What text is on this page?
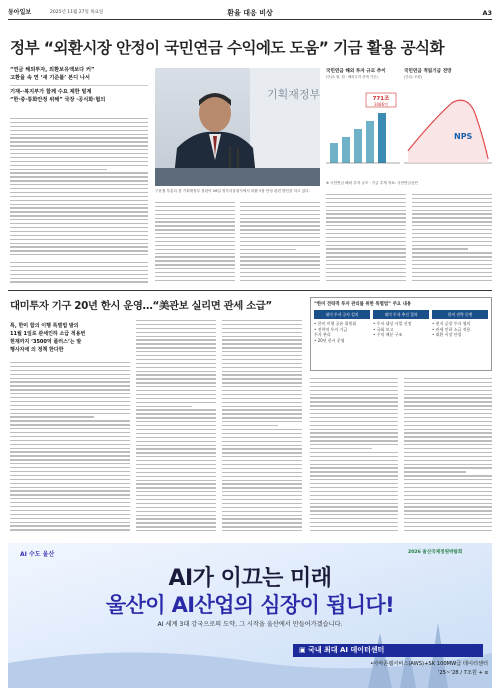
동아일보	2025년 11월 27일 목요일	환율 대응 비상	A3
정부 “외환시장 안정이 국민연금 수익에도 도움” 기금 활용 공식화
“연금 해외투자, 외환보유액보다 커”
고환율 속 연 ‘새 기준틀’ 본디 나서
기재-·복지부가 함께 수요 제한 밑계
“한·중·통화안정 위해” 국장 ·공식화·협의	기획재정부
구윤철 부총리 겸 기획재정부 장관이 26일 정부서울청사에서 외환시장 안정 관련 발언을 하고 있다.
국민연금 해외 투자 규모 추이
(단위: 원, 원 · 해외투자 잔액 기준)
771조
3086억
국민연금 적립기금 전망
(단위: 조원)
NPS
※ 국민연금 해외 투자 규모 · 기금 추계 자료: 국민연금공단
대미투자 기구 20년 한시 운영…“美관보 실리면 관세 소급”
특, 한미 합의 이행 특별법 발의
11월 1일로 관세인하 소급 적용번
현재까지 ‘3500억 플러스’는 발
행사자에 의 정책 한다한
“한미 전략적 투자 관리를 위한 특별법” 주요 내용
대미 투자 공사 설치
• 한미 이행 공유 위원회
• 전략적 투자 기금
투자 관리
• 20년 한시 운영
대미 투자 추진 절차
• 투자 대상 사업 선정
• 국회 보고
• 수익 배분 구조
한미 전략 동맹
• 현지 공장 투자 협의
• 관세 인하 소급 적용
• 외환 시장 안정
AI 수도 울산	2026 울산국제정원박람회
AI가 이끄는 미래
울산이 AI산업의 심장이 됩니다!
AI 세계 3대 강국으로의 도약, 그 시작을 울산에서 만들어가겠습니다.
▣ 국내 최대 AI 데이터센터
•아마존웹서비스(AWS)+SK 100MW급 데이터센터
‘25~‘28 / 7조원 + α
